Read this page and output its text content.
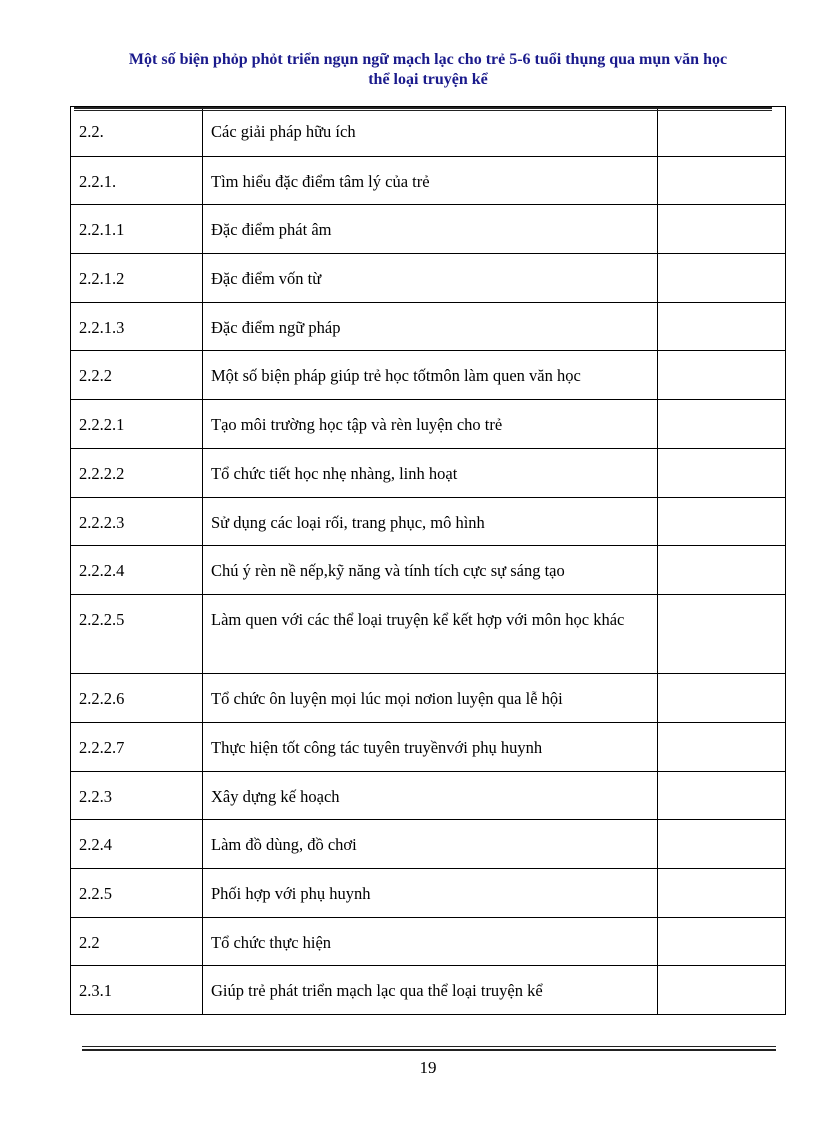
Một số biện phỏp phỏt triển ngụn ngữ mạch lạc cho trẻ 5-6 tuổi thụng qua mụn văn học
thể loại truyện kể
2.2.	Các giải pháp hữu ích	

2.2.1.	Tìm hiểu đặc điểm tâm lý của trẻ	

2.2.1.1	Đặc điểm phát âm	

2.2.1.2	Đặc điểm vốn từ	

2.2.1.3	Đặc điểm ngữ pháp	

2.2.2	Một số biện pháp giúp trẻ học tốtmôn làm quen văn học	

2.2.2.1	Tạo môi trường học tập và rèn luyện cho trẻ	

2.2.2.2	Tổ chức tiết học nhẹ nhàng, linh hoạt	

2.2.2.3	Sử dụng các loại rối, trang phục, mô hình	

2.2.2.4	Chú ý rèn nề nếp,kỹ năng và tính tích cực sự sáng tạo	

2.2.2.5	Làm quen với các thể loại truyện kể kết hợp với môn học khác	

2.2.2.6	Tổ chức ôn luyện mọi lúc mọi nơion luyện qua lễ hội	

2.2.2.7	Thực hiện tốt công tác tuyên truyềnvới phụ huynh	

2.2.3	Xây dựng kế hoạch	

2.2.4	Làm đồ dùng, đồ chơi	

2.2.5	Phối hợp với phụ huynh	

2.2	Tổ chức thực hiện	

2.3.1	Giúp trẻ phát triển mạch lạc qua thể loại truyện kể	

19
